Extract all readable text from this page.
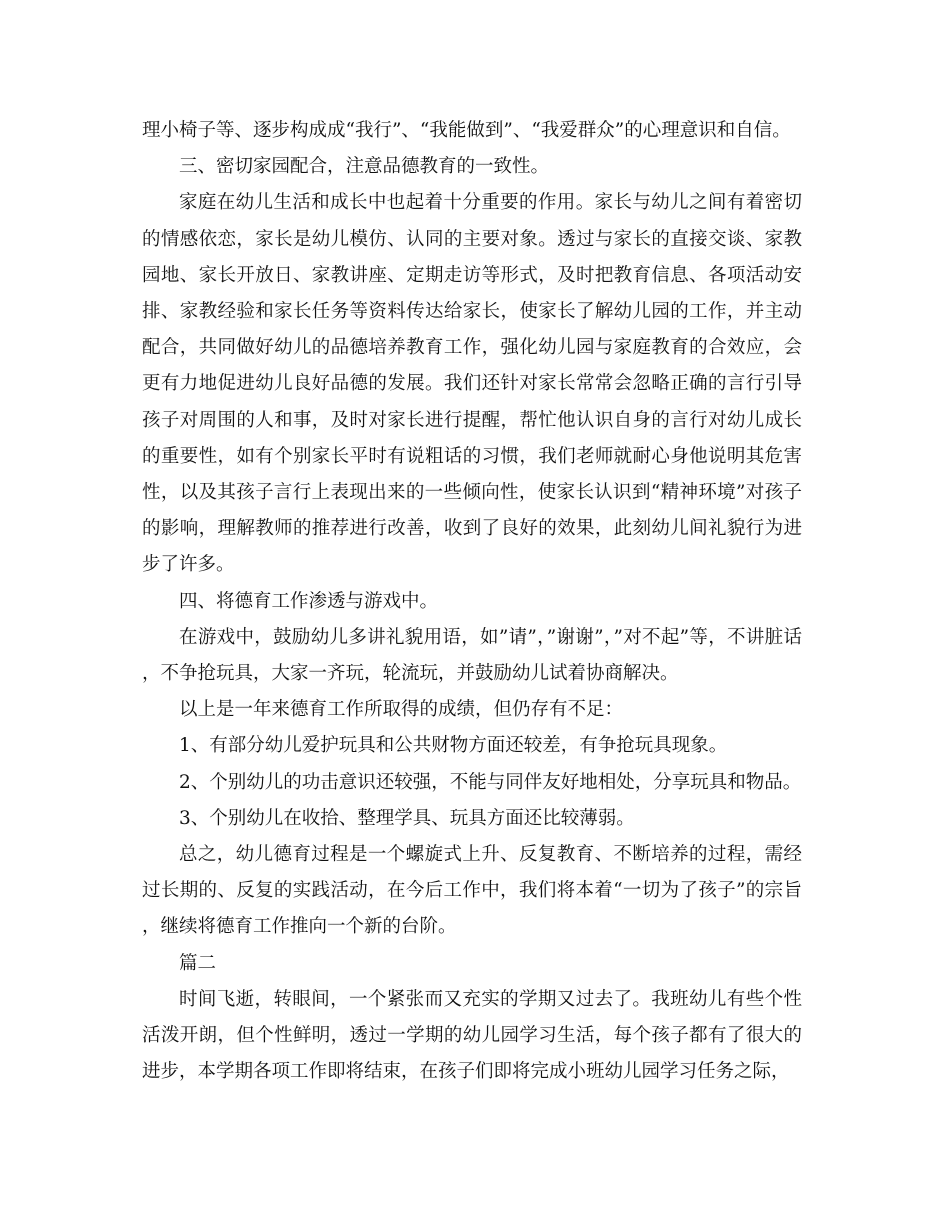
理小椅子等、逐步构成成“我行”、“我能做到”、“我爱群众”的心理意识和自信。

三、密切家园配合，注意品德教育的一致性。

家庭在幼儿生活和成长中也起着十分重要的作用。家长与幼儿之间有着密切的情感依恋，家长是幼儿模仿、认同的主要对象。透过与家长的直接交谈、家教园地、家长开放日、家教讲座、定期走访等形式，及时把教育信息、各项活动安排、家教经验和家长任务等资料传达给家长，使家长了解幼儿园的工作，并主动配合，共同做好幼儿的品德培养教育工作，强化幼儿园与家庭教育的合效应，会更有力地促进幼儿良好品德的发展。我们还针对家长常常会忽略正确的言行引导孩子对周围的人和事，及时对家长进行提醒，帮忙他认识自身的言行对幼儿成长的重要性，如有个别家长平时有说粗话的习惯，我们老师就耐心身他说明其危害性，以及其孩子言行上表现出来的一些倾向性，使家长认识到“精神环境”对孩子的影响，理解教师的推荐进行改善，收到了良好的效果，此刻幼儿间礼貌行为进步了许多。

四、将德育工作渗透与游戏中。

在游戏中，鼓励幼儿多讲礼貌用语，如”请”，”谢谢”，”对不起”等，不讲脏话，不争抢玩具，大家一齐玩，轮流玩，并鼓励幼儿试着协商解决。

以上是一年来德育工作所取得的成绩，但仍存有不足：

1、有部分幼儿爱护玩具和公共财物方面还较差，有争抢玩具现象。

2、个别幼儿的功击意识还较强，不能与同伴友好地相处，分享玩具和物品。

3、个别幼儿在收拾、整理学具、玩具方面还比较薄弱。

总之，幼儿德育过程是一个螺旋式上升、反复教育、不断培养的过程，需经过长期的、反复的实践活动，在今后工作中，我们将本着“一切为了孩子”的宗旨，继续将德育工作推向一个新的台阶。

篇二

时间飞逝，转眼间，一个紧张而又充实的学期又过去了。我班幼儿有些个性活泼开朗，但个性鲜明，透过一学期的幼儿园学习生活，每个孩子都有了很大的进步，本学期各项工作即将结束，在孩子们即将完成小班幼儿园学习任务之际，
